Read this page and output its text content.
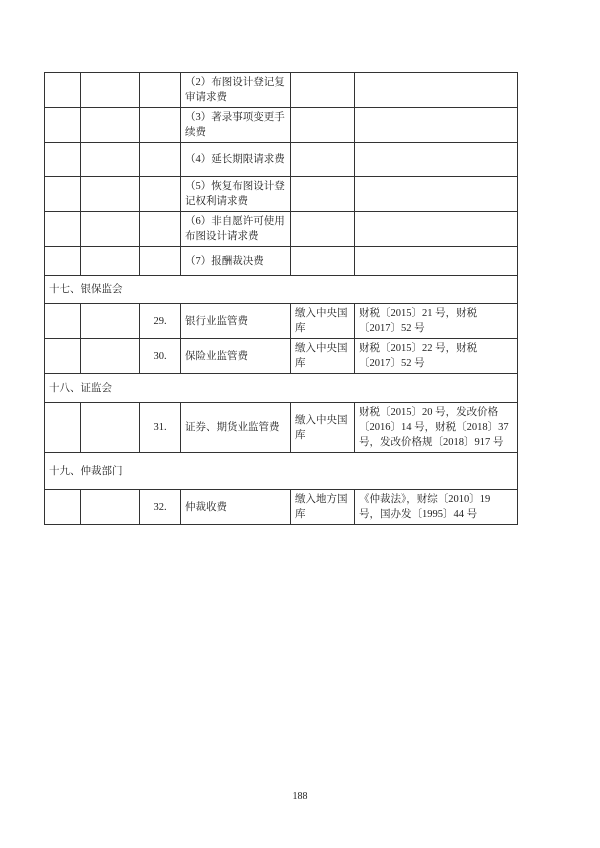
			（2）布图设计登记复审请求费		
			（3）著录事项变更手续费		
			（4）延长期限请求费		
			（5）恢复布图设计登记权利请求费		
			（6）非自愿许可使用布图设计请求费		
			（7）报酬裁决费		
十七、银保监会					
		29.	银行业监管费	缴入中央国库	财税〔2015〕21 号，财税〔2017〕52 号
		30.	保险业监管费	缴入中央国库	财税〔2015〕22 号，财税〔2017〕52 号
十八、证监会					
		31.	证券、期货业监管费	缴入中央国库	财税〔2015〕20 号，发改价格〔2016〕14 号，财税〔2018〕37 号，发改价格规〔2018〕917 号
十九、仲裁部门					
		32.	仲裁收费	缴入地方国库	《仲裁法》，财综〔2010〕19 号，国办发〔1995〕44 号
188
